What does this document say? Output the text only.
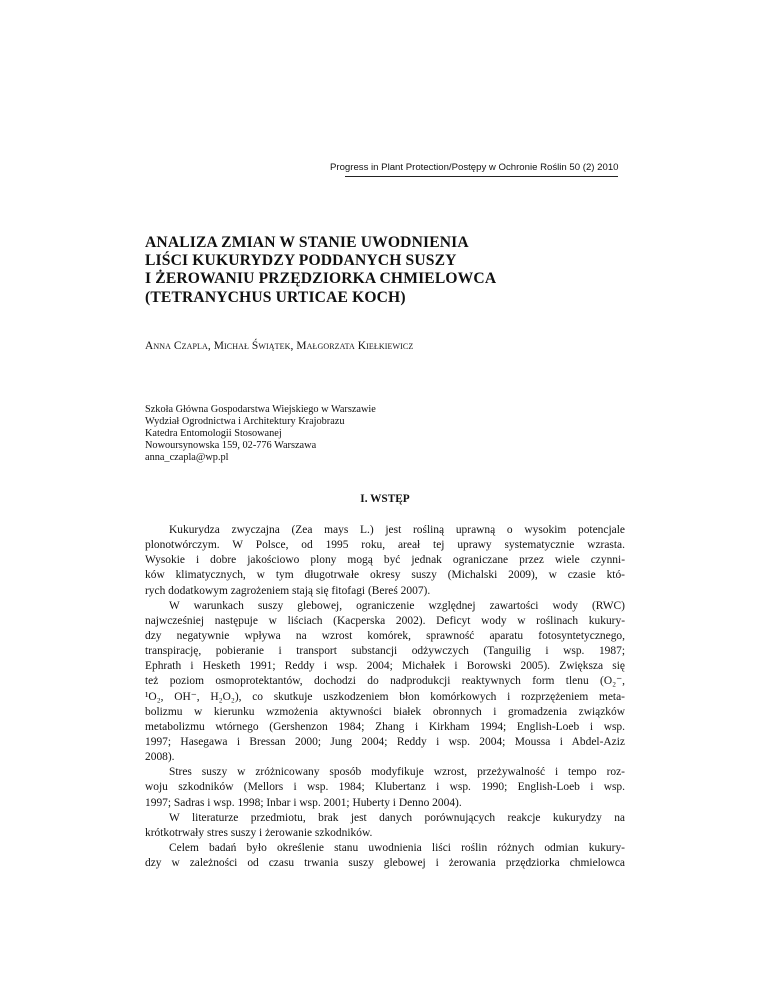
Progress in Plant Protection/Postępy w Ochronie Roślin 50 (2) 2010
ANALIZA ZMIAN W STANIE UWODNIENIA
LIŚCI KUKURYDZY PODDANYCH SUSZY
I ŻEROWANIU PRZĘDZIORKA CHMIELOWCA
(TETRANYCHUS URTICAE KOCH)
Anna Czapla, Michał Świątek, Małgorzata Kiełkiewicz
Szkoła Główna Gospodarstwa Wiejskiego w Warszawie
Wydział Ogrodnictwa i Architektury Krajobrazu
Katedra Entomologii Stosowanej
Nowoursynowska 159, 02-776 Warszawa
anna_czapla@wp.pl
I. WSTĘP
Kukurydza zwyczajna (Zea mays L.) jest rośliną uprawną o wysokim potencjale
plonotwórczym. W Polsce, od 1995 roku, areał tej uprawy systematycznie wzrasta.
Wysokie i dobre jakościowo plony mogą być jednak ograniczane przez wiele czynni-
ków klimatycznych, w tym długotrwałe okresy suszy (Michalski 2009), w czasie któ-
rych dodatkowym zagrożeniem stają się fitofagi (Bereś 2007).
W warunkach suszy glebowej, ograniczenie względnej zawartości wody (RWC)
najwcześniej następuje w liściach (Kacperska 2002). Deficyt wody w roślinach kukury-
dzy negatywnie wpływa na wzrost komórek, sprawność aparatu fotosyntetycznego,
transpirację, pobieranie i transport substancji odżywczych (Tanguilig i wsp. 1987;
Ephrath i Hesketh 1991; Reddy i wsp. 2004; Michałek i Borowski 2005). Zwiększa się
też poziom osmoprotektantów, dochodzi do nadprodukcji reaktywnych form tlenu (O₂⁻,
¹O₂, OH⁻, H₂O₂), co skutkuje uszkodzeniem błon komórkowych i rozprzężeniem meta-
bolizmu w kierunku wzmożenia aktywności białek obronnych i gromadzenia związków
metabolizmu wtórnego (Gershenzon 1984; Zhang i Kirkham 1994; English-Loeb i wsp.
1997; Hasegawa i Bressan 2000; Jung 2004; Reddy i wsp. 2004; Moussa i Abdel-Aziz
2008).
Stres suszy w zróżnicowany sposób modyfikuje wzrost, przeżywalność i tempo roz-
woju szkodników (Mellors i wsp. 1984; Klubertanz i wsp. 1990; English-Loeb i wsp.
1997; Sadras i wsp. 1998; Inbar i wsp. 2001; Huberty i Denno 2004).
W literaturze przedmiotu, brak jest danych porównujących reakcje kukurydzy na
krótkotrwały stres suszy i żerowanie szkodników.
Celem badań było określenie stanu uwodnienia liści roślin różnych odmian kukury-
dzy w zależności od czasu trwania suszy glebowej i żerowania przędziorka chmielowca
